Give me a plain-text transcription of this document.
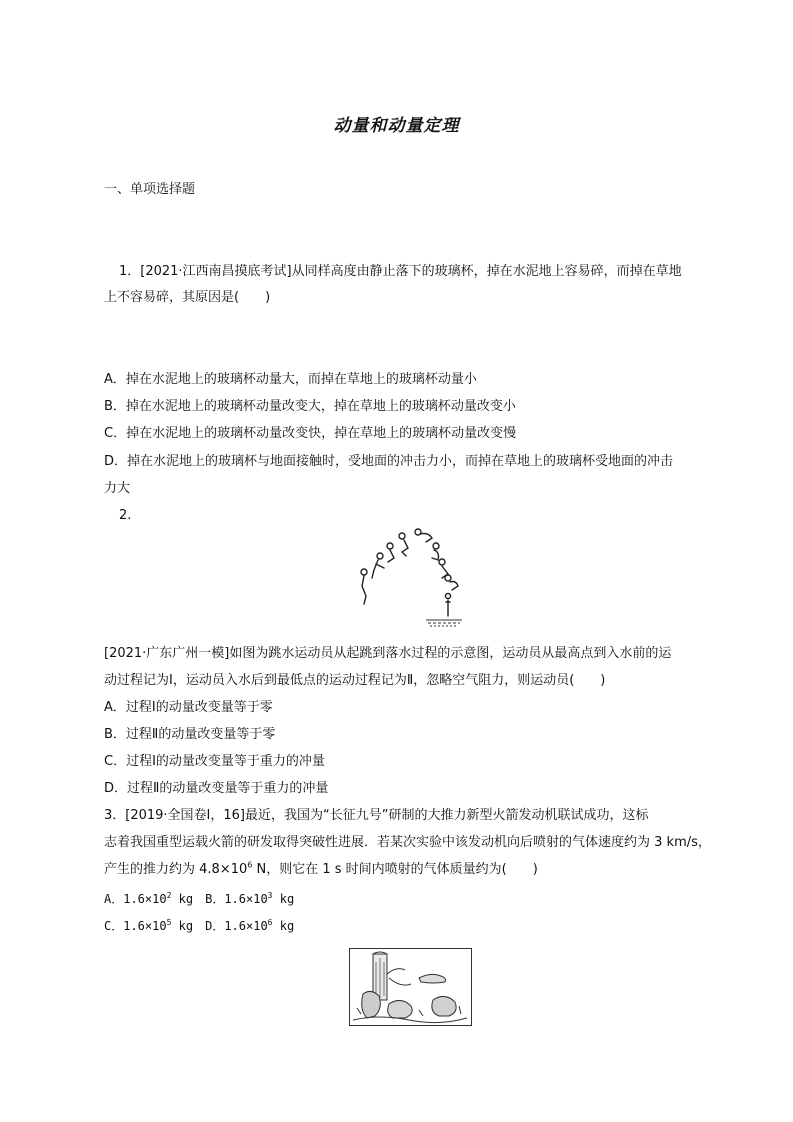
动量和动量定理
一、单项选择题
1．[2021·江西南昌摸底考试]从同样高度由静止落下的玻璃杯，掉在水泥地上容易碎，而掉在草地
上不容易碎，其原因是(　　)
A．掉在水泥地上的玻璃杯动量大，而掉在草地上的玻璃杯动量小
B．掉在水泥地上的玻璃杯动量改变大，掉在草地上的玻璃杯动量改变小
C．掉在水泥地上的玻璃杯动量改变快，掉在草地上的玻璃杯动量改变慢
D．掉在水泥地上的玻璃杯与地面接触时，受地面的冲击力小，而掉在草地上的玻璃杯受地面的冲击
力大
2.
[2021·广东广州一模]如图为跳水运动员从起跳到落水过程的示意图，运动员从最高点到入水前的运
动过程记为Ⅰ，运动员入水后到最低点的运动过程记为Ⅱ，忽略空气阻力，则运动员(　　)
A．过程Ⅰ的动量改变量等于零
B．过程Ⅱ的动量改变量等于零
C．过程Ⅰ的动量改变量等于重力的冲量
D．过程Ⅱ的动量改变量等于重力的冲量
3．[2019·全国卷Ⅰ，16]最近，我国为“长征九号”研制的大推力新型火箭发动机联试成功，这标
志着我国重型运载火箭的研发取得突破性进展．若某次实验中该发动机向后喷射的气体速度约为 3 km/s，
产生的推力约为 $4.8\times 10^6$ N，则它在 1 s 时间内喷射的气体质量约为(　　)
A．$1.6\times 10^2$ kg　B．$1.6\times 10^3$ kg
C．$1.6\times 10^5$ kg　D．$1.6\times 10^6$ kg
